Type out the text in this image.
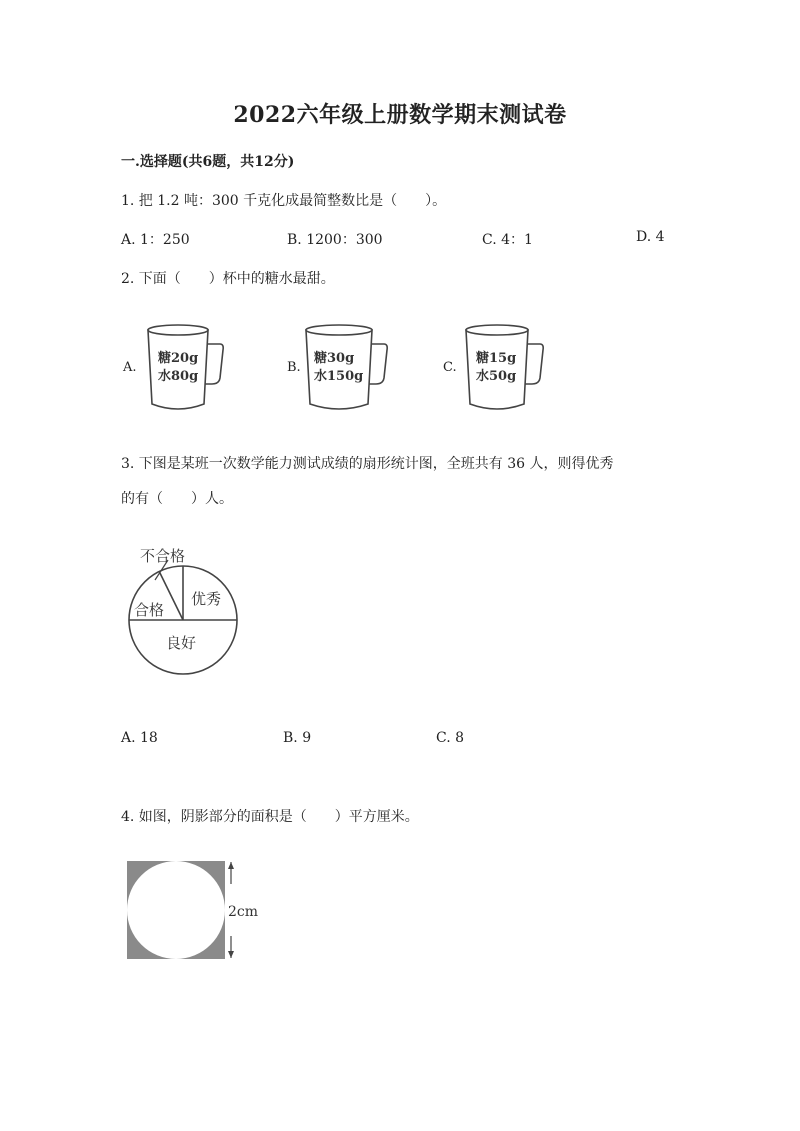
2022六年级上册数学期末测试卷
一.选择题(共6题，共12分)
1. 把 1.2 吨：300 千克化成最简整数比是（　　）。
A. 1：250	B. 1200：300	C. 4：1	D. 4
2. 下面（　　）杯中的糖水最甜。
A.
糖20g
水80g
B.
糖30g
水150g
C.
糖15g
水50g
3. 下图是某班一次数学能力测试成绩的扇形统计图，全班共有 36 人，则得优秀
的有（　　）人。
不合格
合格
优秀
良好
A. 18	B. 9	C. 8
4. 如图，阴影部分的面积是（　　）平方厘米。
2cm
